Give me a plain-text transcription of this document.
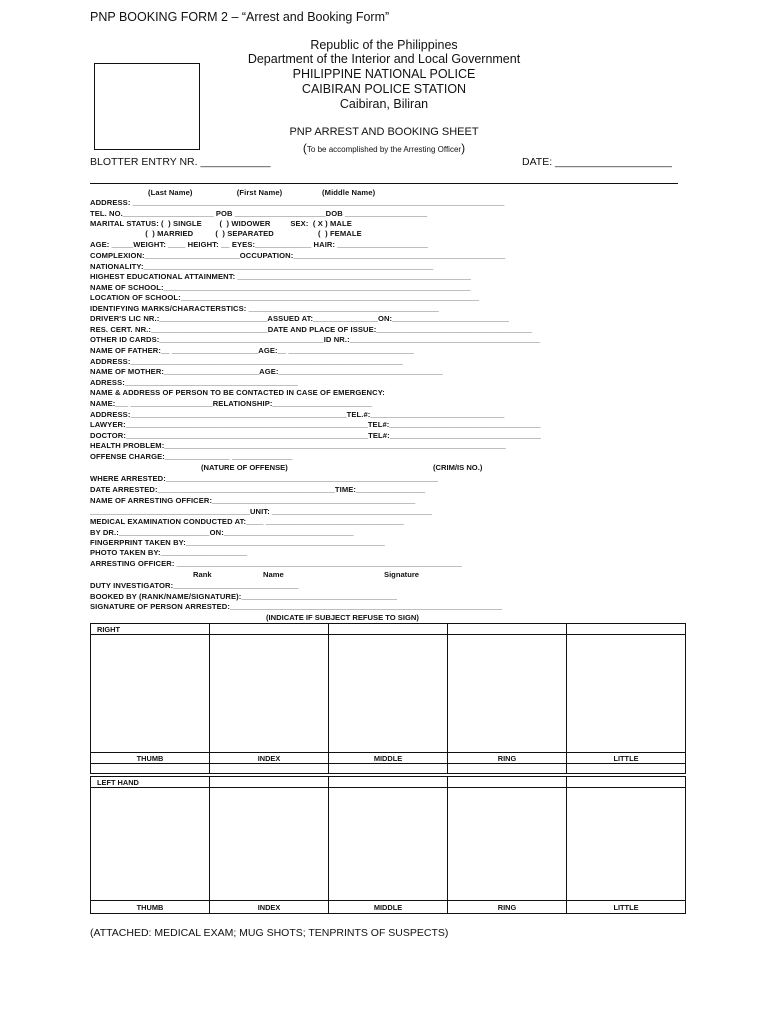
PNP BOOKING FORM 2 – “Arrest and Booking Form”
Republic of the Philippines
Department of the Interior and Local Government
PHILIPPINE NATIONAL POLICE
CAIBIRAN POLICE STATION
Caibiran, Biliran
PNP ARREST AND BOOKING SHEET
(To be accomplished by the Arresting Officer)
BLOTTER ENTRY NR. ____________	DATE: ____________________
(Last Name)                    (First Name)                  (Middle Name)
ADDRESS: ______________________________________________________________________________________
TEL. NO._____________________ POB _____________________DOB ___________________
MARITAL STATUS: (  ) SINGLE        (  ) WIDOWER         SEX:  ( X ) MALE
(  ) MARRIED          (  ) SEPARATED                    (  ) FEMALE
AGE: _____WEIGHT: ____ HEIGHT: __ EYES:_____________ HAIR: _____________________
COMPLEXION:______________________OCCUPATION:_________________________________________________
NATIONALITY:___________________________________________________________________
HIGHEST EDUCATIONAL ATTAINMENT: ______________________________________________________
NAME OF SCHOOL:_______________________________________________________________________
LOCATION OF SCHOOL:_____________________________________________________________________
IDENTIFYING MARKS/CHARACTERSTICS: ____________________________________________
DRIVER'S LIC NR.:_________________________ASSUED AT:_______________ON:___________________________
RES. CERT. NR.:___________________________DATE AND PLACE OF ISSUE:____________________________________
OTHER ID CARDS:______________________________________ID NR.:____________________________________________
NAME OF FATHER:__ ____________________AGE:__ _____________________________
ADDRESS:_______________________________________________________________
NAME OF MOTHER:______________________AGE:______________________________________
ADRESS:________________________________________
NAME & ADDRESS OF PERSON TO BE CONTACTED IN CASE OF EMERGENCY:
NAME:___ ___________________RELATIONSHIP:_______________________
ADDRESS:__________________________________________________TEL.#:_______________________________
LAWYER:________________________________________________________TEL#:___________________________________
DOCTOR:________________________________________________________TEL#:___________________________________
HEALTH PROBLEM:_______________________________________________________________________________
OFFENSE CHARGE:_______________ ______________
(NATURE OF OFFENSE)	(CRIM/IS NO.)
WHERE ARRESTED:_______________________________________________________________
DATE ARRESTED:_________________________________________TIME:________________
NAME OF ARRESTING OFFICER:_______________________________________________
_____________________________________UNIT: _____________________________________
MEDICAL EXAMINATION CONDUCTED AT:____ ________________________________
BY DR.:_____________________ON:______________________________
FINGERPRINT TAKEN BY:______________________________________________
PHOTO TAKEN BY:____________________
ARRESTING OFFICER: __________________________________________________________________
Rank	Name	Signature
DUTY INVESTIGATOR:_____________________________
BOOKED BY (RANK/NAME/SIGNATURE):____________________________________
SIGNATURE OF PERSON ARRESTED:_______________________________________________________________
(INDICATE IF SUBJECT REFUSE TO SIGN)
RIGHT				

THUMB	INDEX	MIDDLE	RING	LITTLE

LEFT HAND				

THUMB	INDEX	MIDDLE	RING	LITTLE
(ATTACHED: MEDICAL EXAM; MUG SHOTS; TENPRINTS OF SUSPECTS)
